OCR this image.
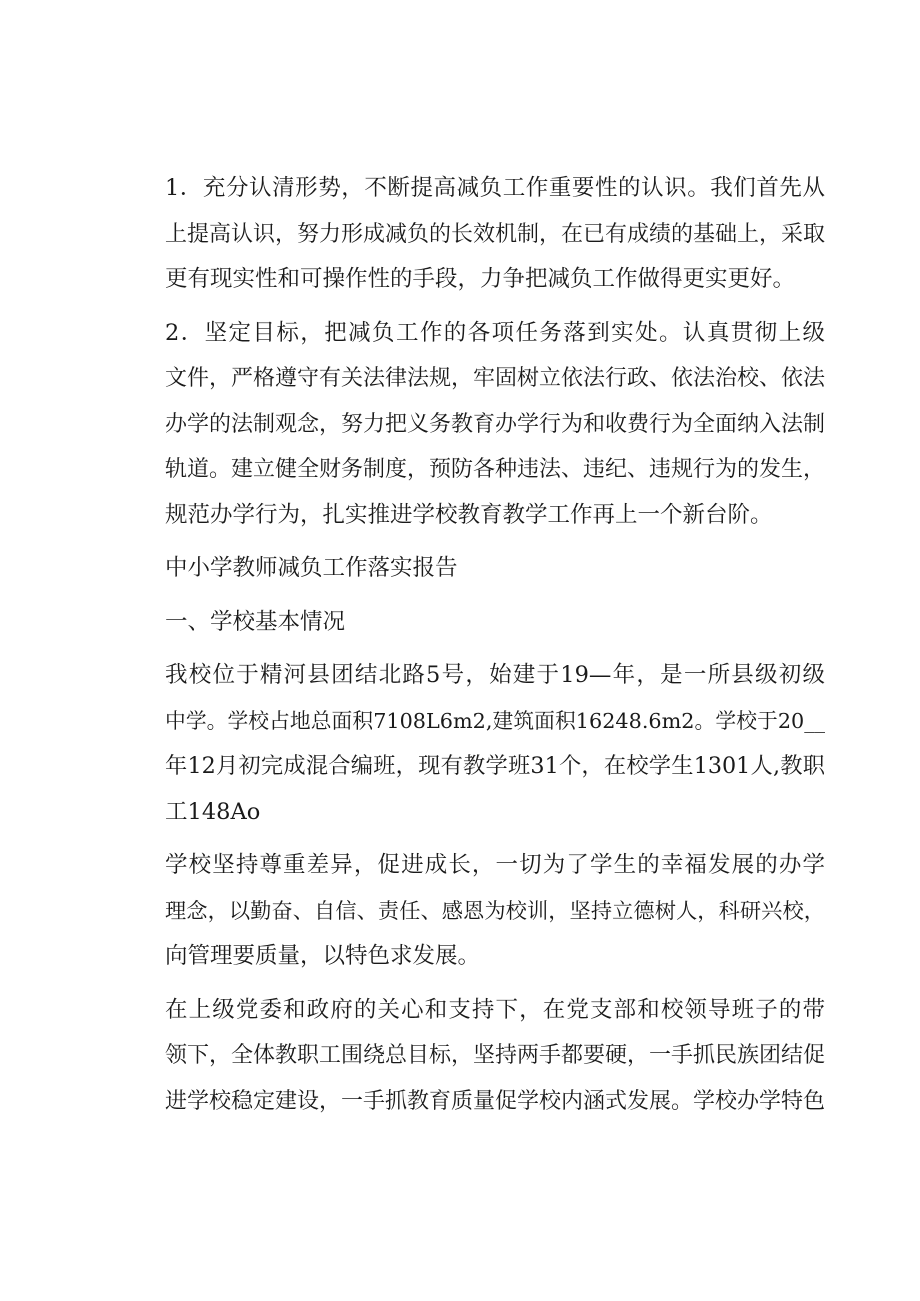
1．充分认清形势，不断提高减负工作重要性的认识。我们首先从
上提高认识，努力形成减负的长效机制，在已有成绩的基础上，采取
更有现实性和可操作性的手段，力争把减负工作做得更实更好。
2．坚定目标，把减负工作的各项任务落到实处。认真贯彻上级
文件，严格遵守有关法律法规，牢固树立依法行政、依法治校、依法
办学的法制观念，努力把义务教育办学行为和收费行为全面纳入法制
轨道。建立健全财务制度，预防各种违法、违纪、违规行为的发生，
规范办学行为，扎实推进学校教育教学工作再上一个新台阶。
中小学教师减负工作落实报告
一、学校基本情况
我校位于精河县团结北路5号，始建于19—年，是一所县级初级
中学。学校占地总面积7108L6m2,建筑面积16248.6m2。学校于20__
年12月初完成混合编班，现有教学班31个，在校学生1301人,教职
工148Ao
学校坚持尊重差异，促进成长，一切为了学生的幸福发展的办学
理念，以勤奋、自信、责任、感恩为校训，坚持立德树人，科研兴校，
向管理要质量，以特色求发展。
在上级党委和政府的关心和支持下，在党支部和校领导班子的带
领下，全体教职工围绕总目标，坚持两手都要硬，一手抓民族团结促
进学校稳定建设，一手抓教育质量促学校内涵式发展。学校办学特色
